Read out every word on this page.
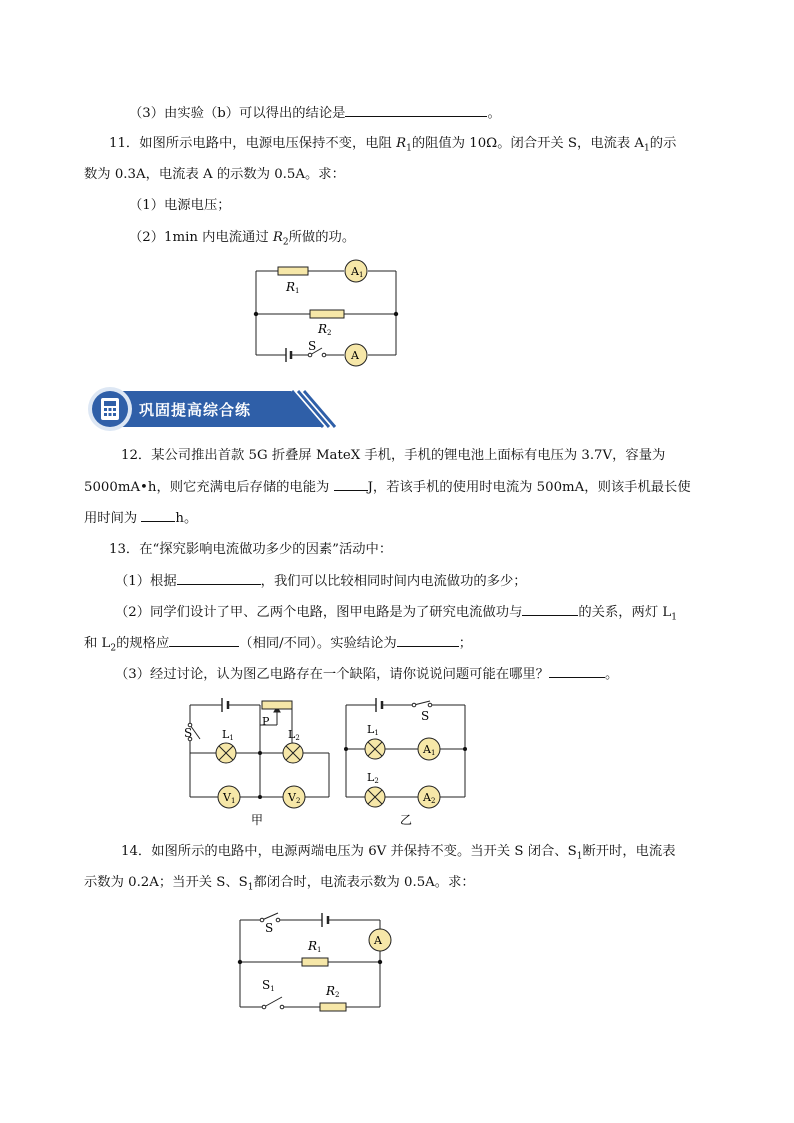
（3）由实验（b）可以得出的结论是	。
11．如图所示电路中，电源电压保持不变，电阻 $R_1$的阻值为 10Ω。闭合开关 S，电流表 $A_1$的示
数为 0.3A，电流表 A 的示数为 0.5A。求：
（1）电源电压；
（2）1min 内电流通过 $R_2$所做的功。
A1
A
R1
R2
S
巩固提高综合练
12．某公司推出首款 5G 折叠屏 MateX 手机，手机的锂电池上面标有电压为 3.7V，容量为
5000mA•h，则它充满电后存储的电能为	J，若该手机的使用时电流为 500mA，则该手机最长使
用时间为	h。
13．在“探究影响电流做功多少的因素”活动中：
（1）根据	，我们可以比较相同时间内电流做功的多少；
（2）同学们设计了甲、乙两个电路，图甲电路是为了研究电流做功与	的关系，两灯 $L_1$
和 $L_2$的规格应	（相同/不同）。实验结论为	；
（3）经过讨论，认为图乙电路存在一个缺陷，请你说说问题可能在哪里？	。
V1	V2
S
P
L1	L2
甲
A1
A2
L1
L2
S
乙
14．如图所示的电路中，电源两端电压为 6V 并保持不变。当开关 S 闭合、$S_1$断开时，电流表
示数为 0.2A；当开关 S、$S_1$都闭合时，电流表示数为 0.5A。求：
A
S
S1
R1
R2
